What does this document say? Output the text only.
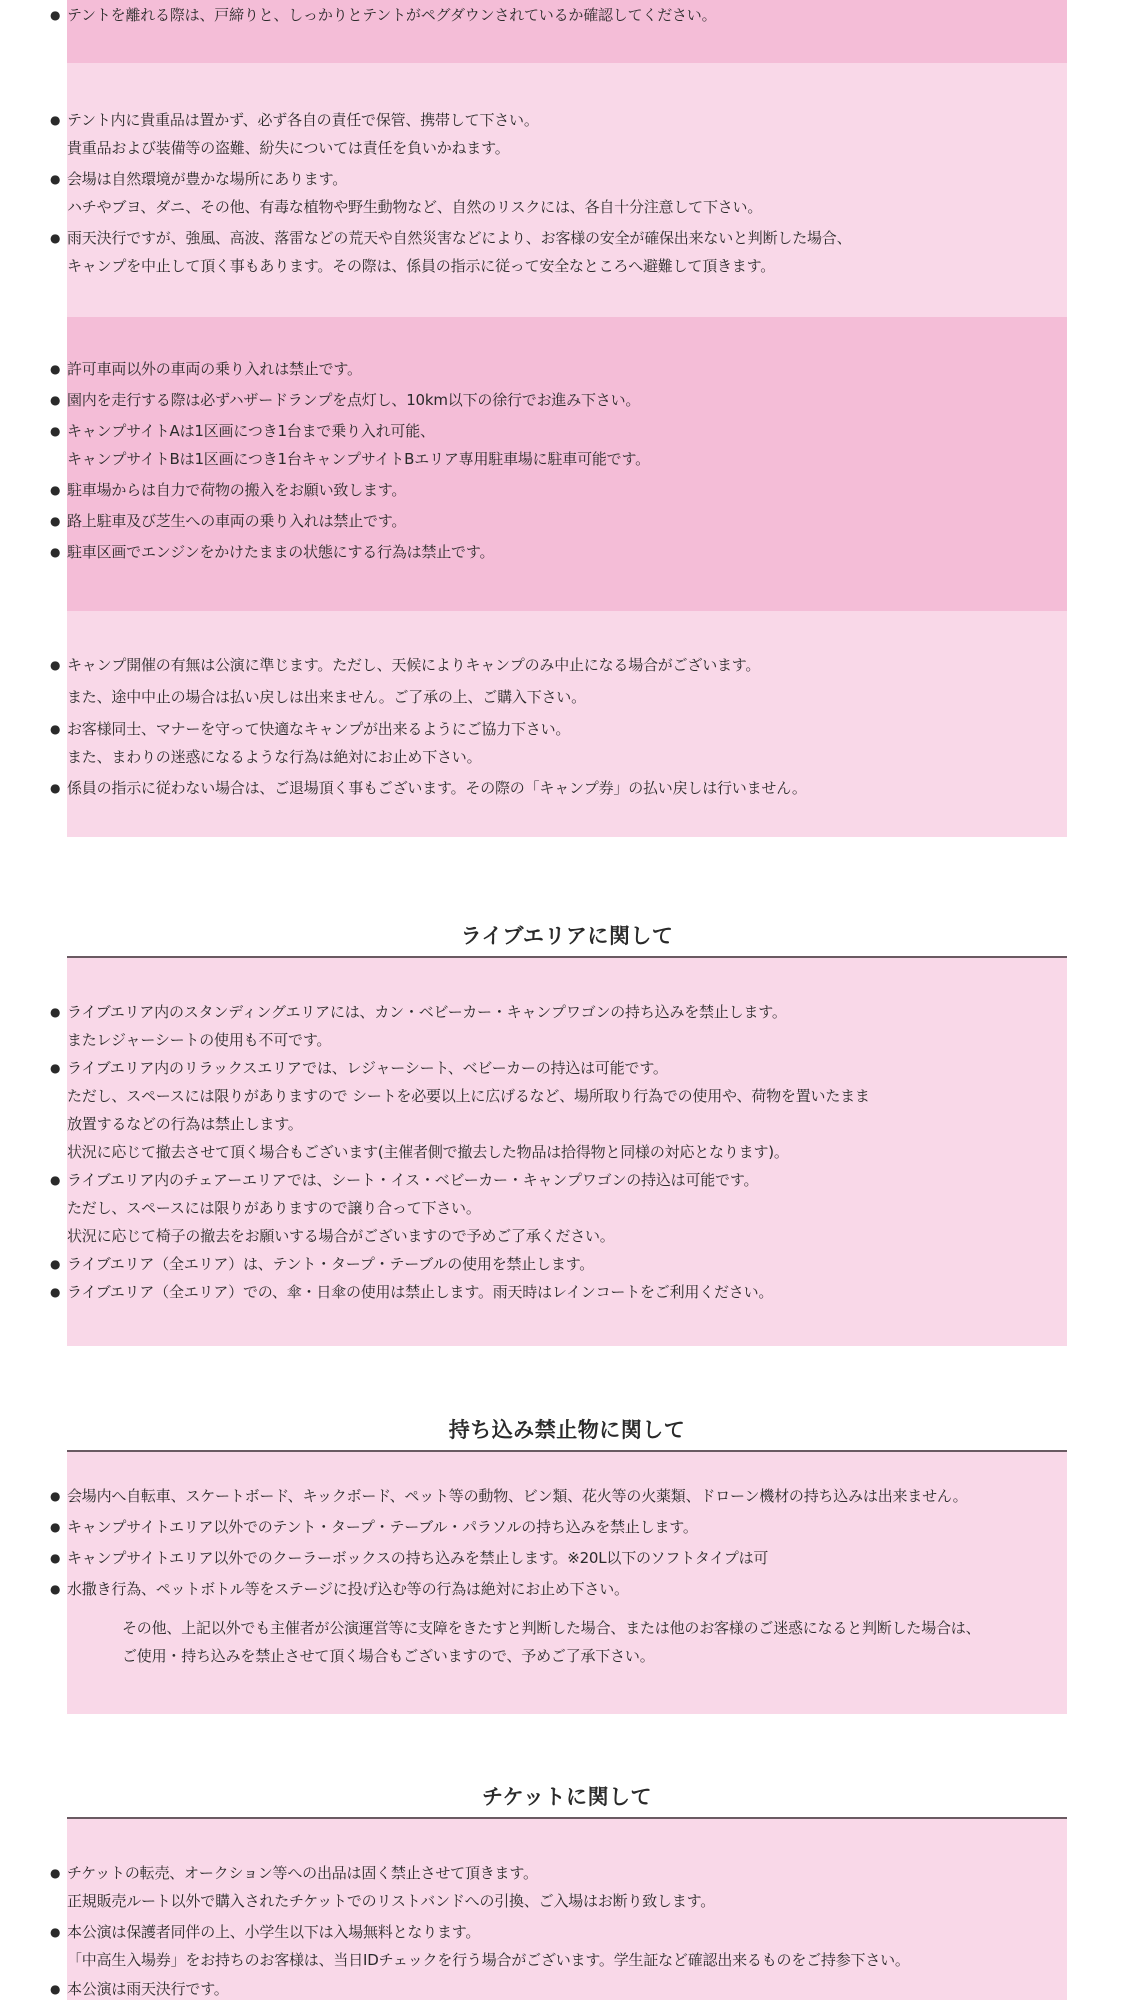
● テントを離れる際は、戸締りと、しっかりとテントがペグダウンされているか確認してください。
● テント内に貴重品は置かず、必ず各自の責任で保管、携帯して下さい。
貴重品および装備等の盗難、紛失については責任を負いかねます。
● 会場は自然環境が豊かな場所にあります。
ハチやブヨ、ダニ、その他、有毒な植物や野生動物など、自然のリスクには、各自十分注意して下さい。
● 雨天決行ですが、強風、高波、落雷などの荒天や自然災害などにより、お客様の安全が確保出来ないと判断した場合、
キャンプを中止して頂く事もあります。その際は、係員の指示に従って安全なところへ避難して頂きます。
● 許可車両以外の車両の乗り入れは禁止です。
● 園内を走行する際は必ずハザードランプを点灯し、10km以下の徐行でお進み下さい。
● キャンプサイトAは1区画につき1台まで乗り入れ可能、
キャンプサイトBは1区画につき1台キャンプサイトBエリア専用駐車場に駐車可能です。
● 駐車場からは自力で荷物の搬入をお願い致します。
● 路上駐車及び芝生への車両の乗り入れは禁止です。
● 駐車区画でエンジンをかけたままの状態にする行為は禁止です。
● キャンプ開催の有無は公演に準じます。ただし、天候によりキャンプのみ中止になる場合がございます。
また、途中中止の場合は払い戻しは出来ません。ご了承の上、ご購入下さい。
● お客様同士、マナーを守って快適なキャンプが出来るようにご協力下さい。
また、まわりの迷惑になるような行為は絶対にお止め下さい。
● 係員の指示に従わない場合は、ご退場頂く事もございます。その際の「キャンプ券」の払い戻しは行いません。
ライブエリアに関して
● ライブエリア内のスタンディングエリアには、カン・ベビーカー・キャンプワゴンの持ち込みを禁止します。
またレジャーシートの使用も不可です。
● ライブエリア内のリラックスエリアでは、レジャーシート、ベビーカーの持込は可能です。
ただし、スペースには限りがありますので シートを必要以上に広げるなど、場所取り行為での使用や、荷物を置いたまま
放置するなどの行為は禁止します。
状況に応じて撤去させて頂く場合もございます(主催者側で撤去した物品は拾得物と同様の対応となります)。
● ライブエリア内のチェアーエリアでは、シート・イス・ベビーカー・キャンプワゴンの持込は可能です。
ただし、スペースには限りがありますので譲り合って下さい。
状況に応じて椅子の撤去をお願いする場合がございますので予めご了承ください。
● ライブエリア（全エリア）は、テント・タープ・テーブルの使用を禁止します。
● ライブエリア（全エリア）での、傘・日傘の使用は禁止します。雨天時はレインコートをご利用ください。
持ち込み禁止物に関して
● 会場内へ自転車、スケートボード、キックボード、ペット等の動物、ビン類、花火等の火薬類、ドローン機材の持ち込みは出来ません。
● キャンプサイトエリア以外でのテント・タープ・テーブル・パラソルの持ち込みを禁止します。
● キャンプサイトエリア以外でのクーラーボックスの持ち込みを禁止します。※20L以下のソフトタイプは可
● 水撒き行為、ペットボトル等をステージに投げ込む等の行為は絶対にお止め下さい。
その他、上記以外でも主催者が公演運営等に支障をきたすと判断した場合、または他のお客様のご迷惑になると判断した場合は、
ご使用・持ち込みを禁止させて頂く場合もございますので、予めご了承下さい。
チケットに関して
● チケットの転売、オークション等への出品は固く禁止させて頂きます。
正規販売ルート以外で購入されたチケットでのリストバンドへの引換、ご入場はお断り致します。
● 本公演は保護者同伴の上、小学生以下は入場無料となります。
「中高生入場券」をお持ちのお客様は、当日IDチェックを行う場合がございます。学生証など確認出来るものをご持参下さい。
● 本公演は雨天決行です。
